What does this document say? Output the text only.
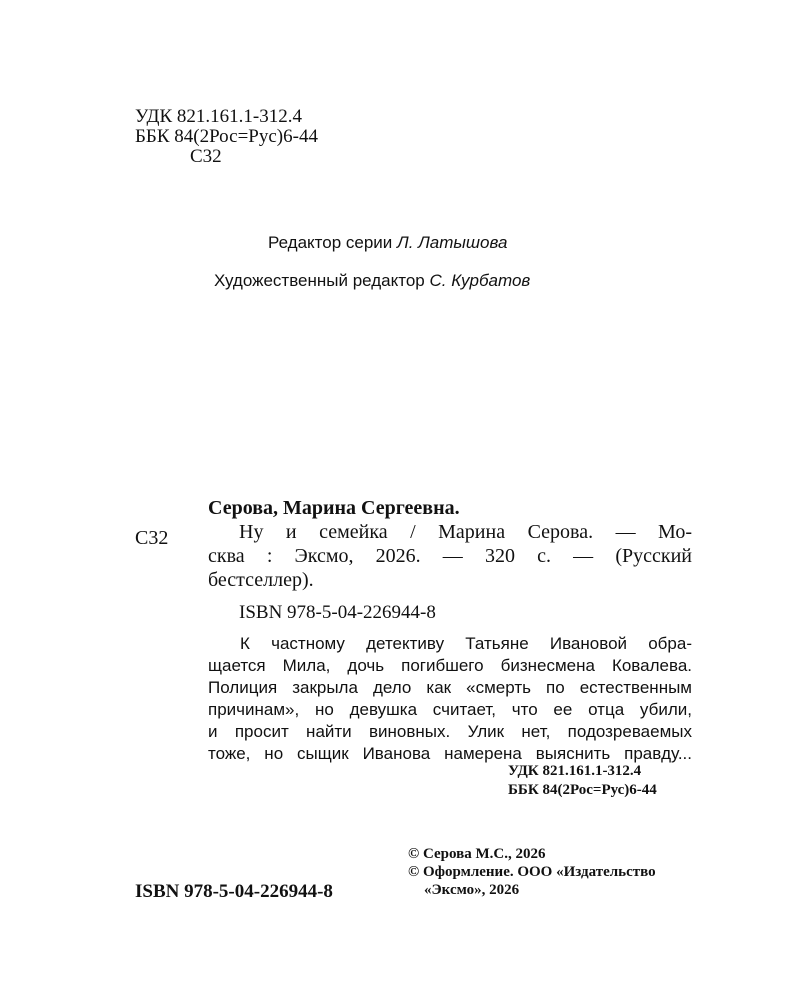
УДК 821.161.1-312.4
ББК 84(2Рос=Рус)6-44
С32
Редактор серии Л. Латышова
Художественный редактор С. Курбатов
Серова, Марина Сергеевна.
С32	Ну и семейка / Марина Серова. — Мо-
сква : Эксмо, 2026. — 320 с. — (Русский
бестселлер).
ISBN 978-5-04-226944-8
К частному детективу Татьяне Ивановой обра-
щается Мила, дочь погибшего бизнесмена Ковалева.
Полиция закрыла дело как «смерть по естественным
причинам», но девушка считает, что ее отца убили,
и просит найти виновных. Улик нет, подозреваемых
тоже, но сыщик Иванова намерена выяснить правду...
УДК 821.161.1-312.4
ББК 84(2Рос=Рус)6-44
© Серова М.С., 2026
© Оформление. ООО «Издательство
«Эксмо», 2026
ISBN 978-5-04-226944-8
